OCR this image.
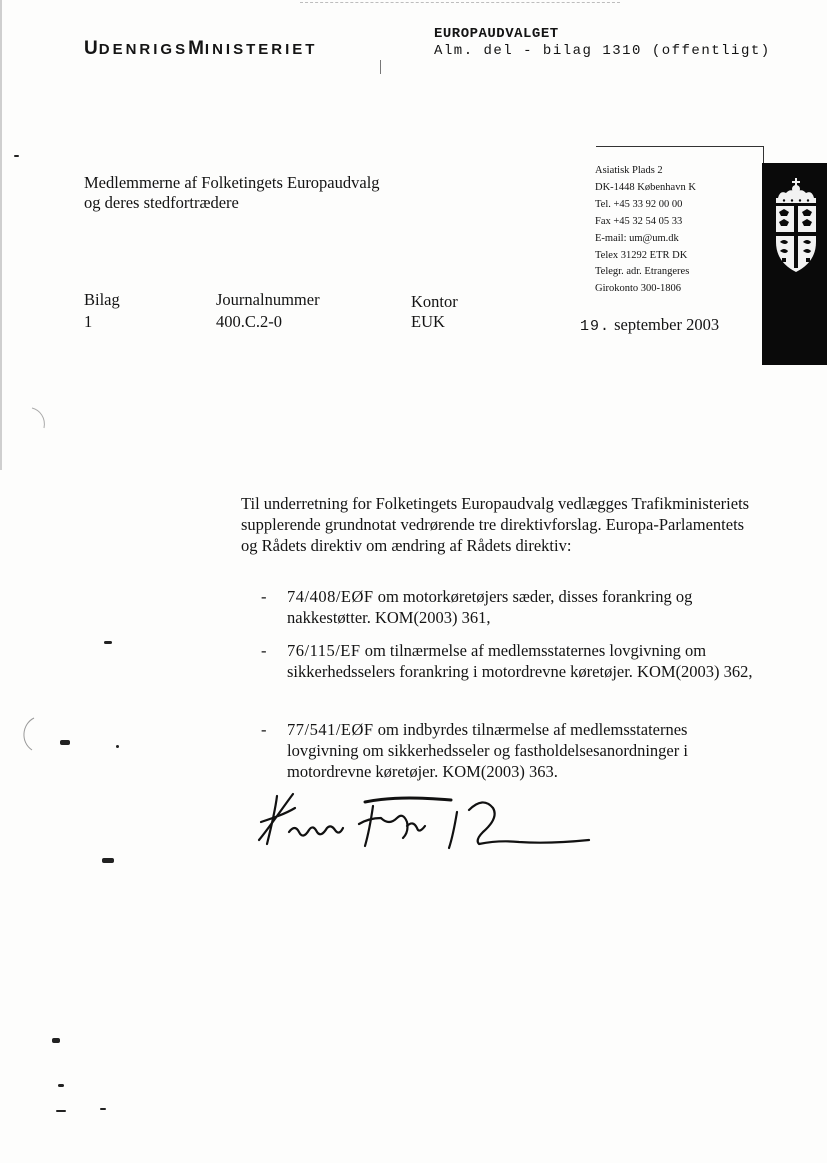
UDENRIGSMINISTERIET
EUROPAUDVALGET
Alm. del - bilag 1310 (offentligt)
Medlemmerne af Folketingets Europaudvalg
og deres stedfortrædere
Asiatisk Plads 2
DK-1448 København K
Tel. +45 33 92 00 00
Fax +45 32 54 05 33
E-mail: um@um.dk
Telex 31292 ETR DK
Telegr. adr. Etrangeres
Girokonto 300-1806
Bilag
1
Journalnummer
400.C.2-0
Kontor
EUK	19. september 2003
Til underretning for Folketingets Europaudvalg vedlægges Trafikministeriets supplerende grundnotat vedrørende tre direktivforslag. Europa-Parlamentets og Rådets direktiv om ændring af Rådets direktiv:
- 74/408/EØF om motorkøretøjers sæder, disses forankring og nakkestøtter. KOM(2003) 361,
- 76/115/EF om tilnærmelse af medlemsstaternes lovgivning om sikkerhedsselers forankring i motordrevne køretøjer. KOM(2003) 362,
- 77/541/EØF om indbyrdes tilnærmelse af medlemsstaternes lovgivning om sikkerhedsseler og fastholdelsesanordninger i motordrevne køretøjer. KOM(2003) 363.
